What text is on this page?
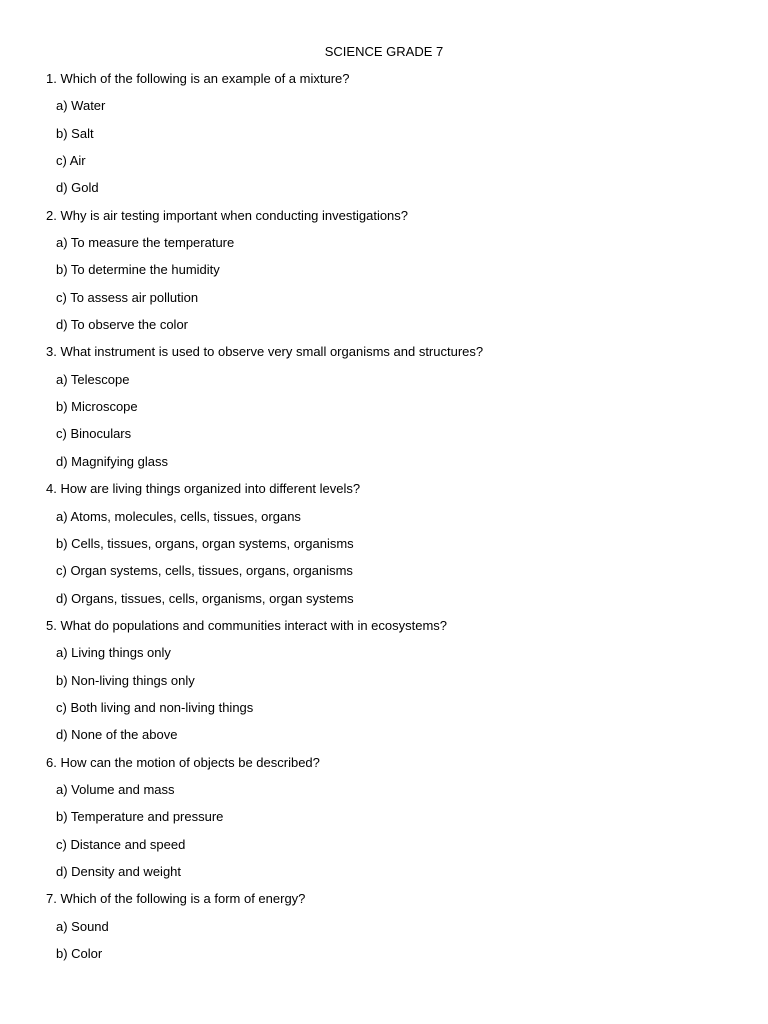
SCIENCE GRADE 7
1. Which of the following is an example of a mixture?
a) Water
b) Salt
c) Air
d) Gold
2. Why is air testing important when conducting investigations?
a) To measure the temperature
b) To determine the humidity
c) To assess air pollution
d) To observe the color
3. What instrument is used to observe very small organisms and structures?
a) Telescope
b) Microscope
c) Binoculars
d) Magnifying glass
4. How are living things organized into different levels?
a) Atoms, molecules, cells, tissues, organs
b) Cells, tissues, organs, organ systems, organisms
c) Organ systems, cells, tissues, organs, organisms
d) Organs, tissues, cells, organisms, organ systems
5. What do populations and communities interact with in ecosystems?
a) Living things only
b) Non-living things only
c) Both living and non-living things
d) None of the above
6. How can the motion of objects be described?
a) Volume and mass
b) Temperature and pressure
c) Distance and speed
d) Density and weight
7. Which of the following is a form of energy?
a) Sound
b) Color
